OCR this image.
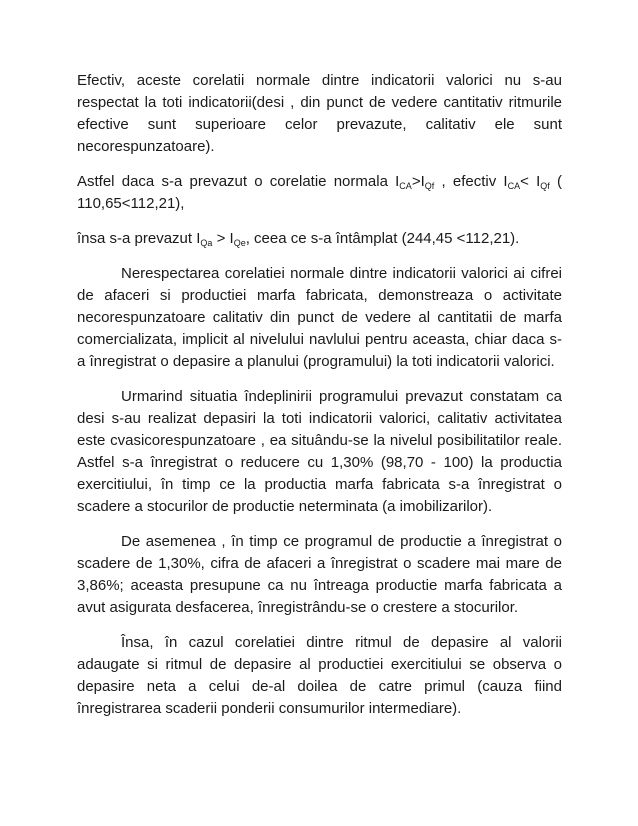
Efectiv, aceste corelatii normale dintre indicatorii valorici nu s-au respectat la toti indicatorii(desi , din punct de vedere cantitativ ritmurile efective sunt superioare celor prevazute, calitativ ele sunt necorespunzatoare).

Astfel daca s-a prevazut o corelatie normala $I_{CA}>I_{Qf}$ , efectiv $I_{CA}< I_{Qf}$ ( 110,65<112,21),

însa s-a prevazut $I_{Qa} > I_{Qe}$, ceea ce s-a întâmplat (244,45 <112,21).

Nerespectarea corelatiei normale dintre indicatorii valorici ai cifrei de afaceri si productiei marfa fabricata, demonstreaza o activitate necorespunzatoare calitativ din punct de vedere al cantitatii de marfa comercializata, implicit al nivelului navlului pentru aceasta, chiar daca s-a înregistrat o depasire a planului (programului) la toti indicatorii valorici.

Urmarind situatia îndeplinirii programului prevazut constatam ca desi s-au realizat depasiri la toti indicatorii valorici, calitativ activitatea este cvasicorespunzatoare , ea situându-se la nivelul posibilitatilor reale. Astfel s-a înregistrat o reducere cu 1,30% (98,70 - 100) la productia exercitiului, în timp ce la productia marfa fabricata s-a înregistrat o scadere a stocurilor de productie neterminata (a imobilizarilor).

De asemenea , în timp ce programul de productie a înregistrat o scadere de 1,30%, cifra de afaceri a înregistrat o scadere mai mare de 3,86%; aceasta presupune ca nu întreaga productie marfa fabricata a avut asigurata desfacerea, înregistrându-se o crestere a stocurilor.

Însa, în cazul corelatiei dintre ritmul de depasire al valorii adaugate si ritmul de depasire al productiei exercitiului se observa o depasire neta a celui de-al doilea de catre primul (cauza fiind înregistrarea scaderii ponderii consumurilor intermediare).
